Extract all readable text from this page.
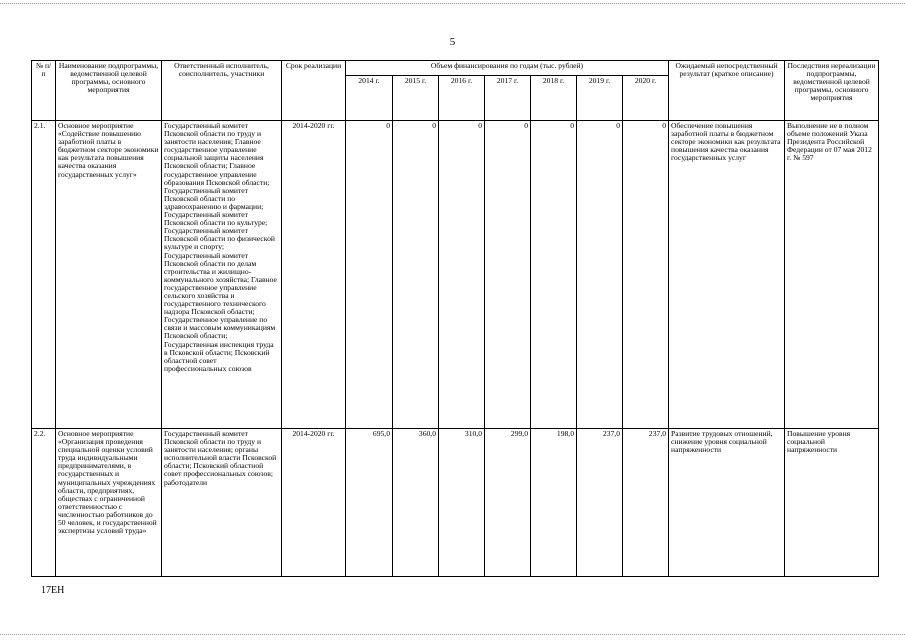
5
№ п/п	Наименование подпрограммы, ведомственной целевой программы, основного мероприятия	Ответственный исполнитель, соисполнитель, участники	Срок реализации	Объем финансирования по годам (тыс. рублей)							Ожидаемый непосредственный результат (краткое описание)	Последствия нереализации подпрограммы, ведомственной целевой программы, основного мероприятия
				2014 г.	2015 г.	2016 г.	2017 г.	2018 г.	2019 г.	2020 г.		
2.1.	Основное мероприятие «Содействие повышению заработной платы в бюджетном секторе экономики как результата повышения качества оказания государственных услуг»	Государственный комитет Псковской области по труду и занятости населения; Главное государственное управление социальной защиты населения Псковской области; Главное государственное управление образования Псковской области; Государственный комитет Псковской области по здравоохранению и фармации; Государственный комитет Псковской области по культуре; Государственный комитет Псковской области по физической культуре и спорту; Государственный комитет Псковской области по делам строительства и жилищно-коммунального хозяйства; Главное государственное управление сельского хозяйства и государственного технического надзора Псковской области; Государственное управление по связи и массовым коммуникациям Псковской области; Государственная инспекция труда в Псковской области; Псковский областной совет профессиональных союзов	2014-2020 гг.	0	0	0	0	0	0	0	Обеспечение повышения заработной платы в бюджетном секторе экономики как результата повышения качества оказания государственных услуг	Выполнение не в полном объеме положений Указа Президента Российской Федерации от 07 мая 2012 г. № 597
2.2.	Основное мероприятие «Организация проведения специальной оценки условий труда индивидуальными предпринимателями, в государственных и муниципальных учреждениях области, предприятиях, обществах с ограниченной ответственностью с численностью работников до 50 человек, и государственной экспертизы условий труда»	Государственный комитет Псковской области по труду и занятости населения; органы исполнительной власти Псковской области; Псковский областной совет профессиональных союзов; работодатели	2014-2020 гг.	695,0	360,0	310,0	299,0	198,0	237,0	237,0	Развитие трудовых отношений, снижение уровня социальной напряженности	Повышение уровня социальной напряженности
17ЕН
